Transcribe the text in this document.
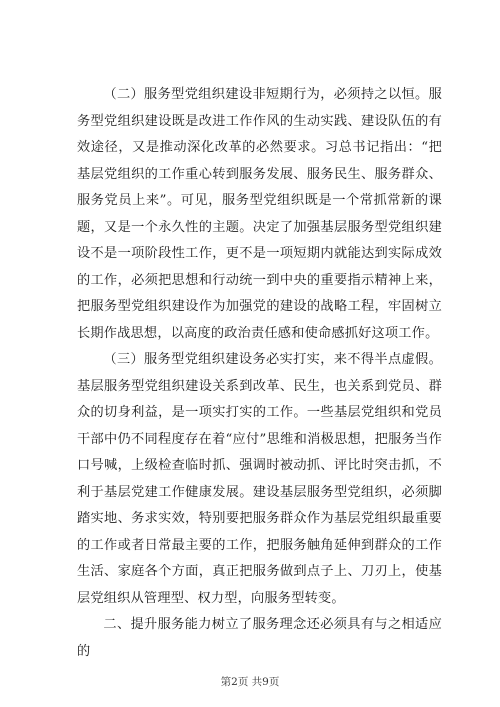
（二）服务型党组织建设非短期行为，必须持之以恒。服务型党组织建设既是改进工作作风的生动实践、建设队伍的有效途径，又是推动深化改革的必然要求。习总书记指出：“把基层党组织的工作重心转到服务发展、服务民生、服务群众、服务党员上来”。可见，服务型党组织既是一个常抓常新的课题，又是一个永久性的主题。决定了加强基层服务型党组织建设不是一项阶段性工作，更不是一项短期内就能达到实际成效的工作，必须把思想和行动统一到中央的重要指示精神上来，把服务型党组织建设作为加强党的建设的战略工程，牢固树立长期作战思想，以高度的政治责任感和使命感抓好这项工作。

（三）服务型党组织建设务必实打实，来不得半点虚假。基层服务型党组织建设关系到改革、民生，也关系到党员、群众的切身利益，是一项实打实的工作。一些基层党组织和党员干部中仍不同程度存在着“应付”思维和消极思想，把服务当作口号喊，上级检查临时抓、强调时被动抓、评比时突击抓，不利于基层党建工作健康发展。建设基层服务型党组织，必须脚踏实地、务求实效，特别要把服务群众作为基层党组织最重要的工作或者日常最主要的工作，把服务触角延伸到群众的工作生活、家庭各个方面，真正把服务做到点子上、刀刃上，使基层党组织从管理型、权力型，向服务型转变。

二、提升服务能力树立了服务理念还必须具有与之相适应的

第2页 共9页
